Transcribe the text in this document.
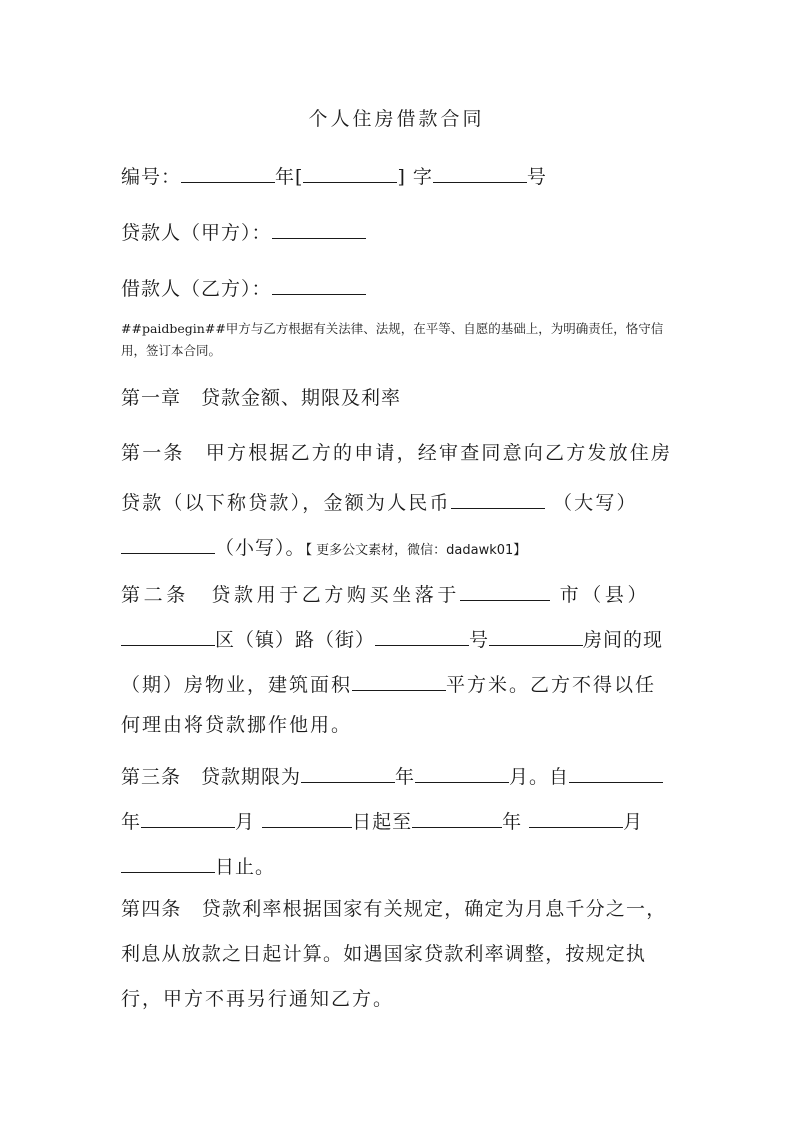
个人住房借款合同
编号：	年[	] 字	号
贷款人（甲方）：
借款人（乙方）：
##paidbegin##甲方与乙方根据有关法律、法规，在平等、自愿的基础上，为明确责任，恪守信用，签订本合同。
第一章　贷款金额、期限及利率
第一条　甲方根据乙方的申请，经审查同意向乙方发放住房
贷款（以下称贷款），金额为人民币	（大写）
（小写）。【 更多公文素材，微信：dadawk01】
第二条　贷款用于乙方购买坐落于	市（县）
区（镇）路（街）	号	房间的现
（期）房物业，建筑面积	平方米。乙方不得以任
何理由将贷款挪作他用。
第三条　贷款期限为	年	月。自
年	月	日起至	年	月
日止。
第四条　贷款利率根据国家有关规定，确定为月息千分之一，
利息从放款之日起计算。如遇国家贷款利率调整，按规定执
行，甲方不再另行通知乙方。
